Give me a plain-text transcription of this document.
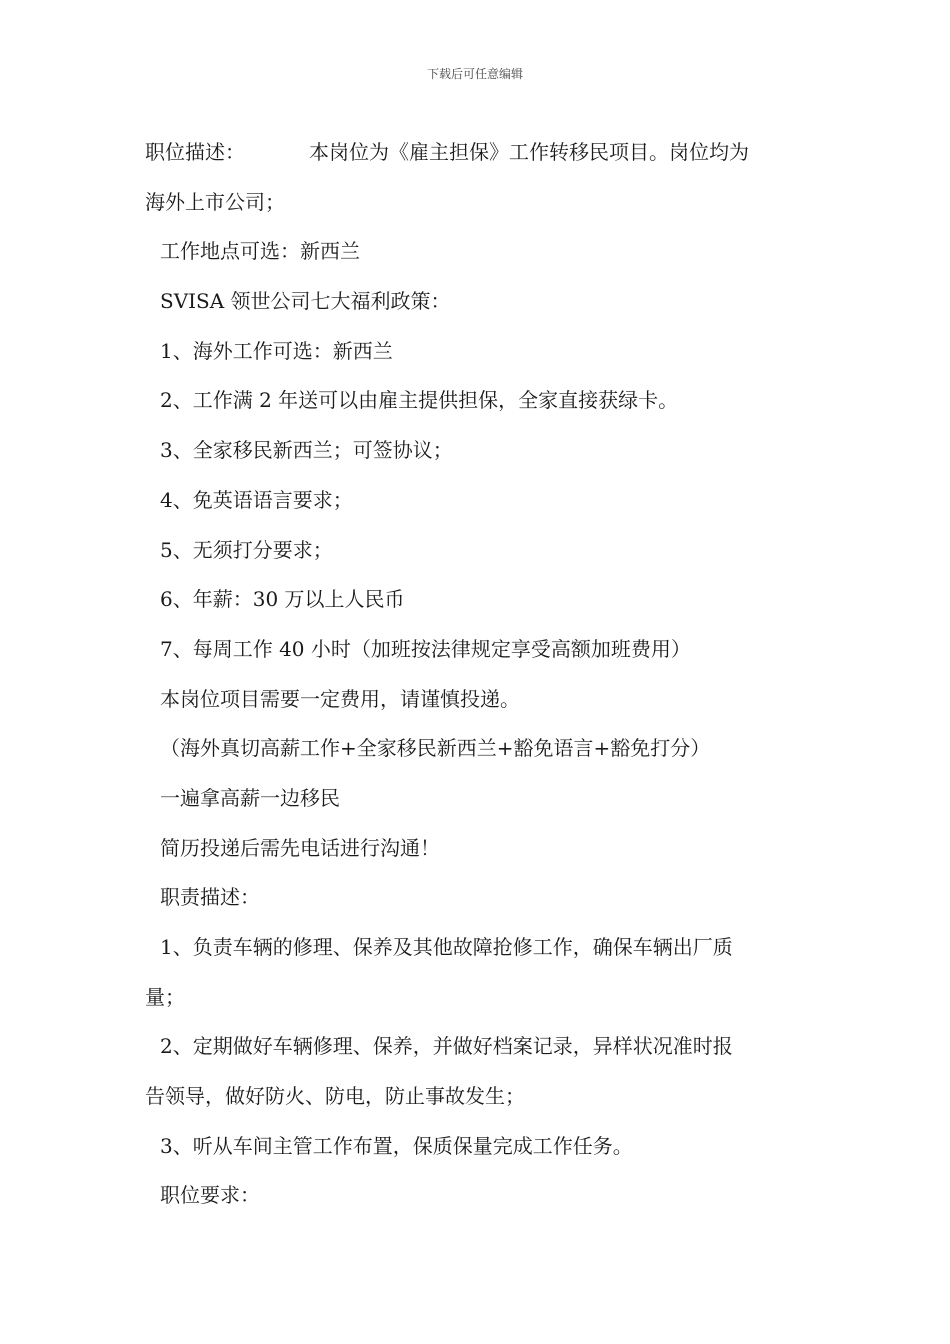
下载后可任意编辑
职位描述：	本岗位为《雇主担保》工作转移民项目。岗位均为
海外上市公司；
工作地点可选：新西兰
SVISA 领世公司七大福利政策：
1、海外工作可选：新西兰
2、工作满 2 年送可以由雇主提供担保，全家直接获绿卡。
3、全家移民新西兰；可签协议；
4、免英语语言要求；
5、无须打分要求；
6、年薪：30 万以上人民币
7、每周工作 40 小时（加班按法律规定享受高额加班费用）
本岗位项目需要一定费用，请谨慎投递。
（海外真切高薪工作+全家移民新西兰+豁免语言+豁免打分）
一遍拿高薪一边移民
简历投递后需先电话进行沟通！
职责描述：
1、负责车辆的修理、保养及其他故障抢修工作，确保车辆出厂质
量；
2、定期做好车辆修理、保养，并做好档案记录，异样状况准时报
告领导，做好防火、防电，防止事故发生；
3、听从车间主管工作布置，保质保量完成工作任务。
职位要求：
